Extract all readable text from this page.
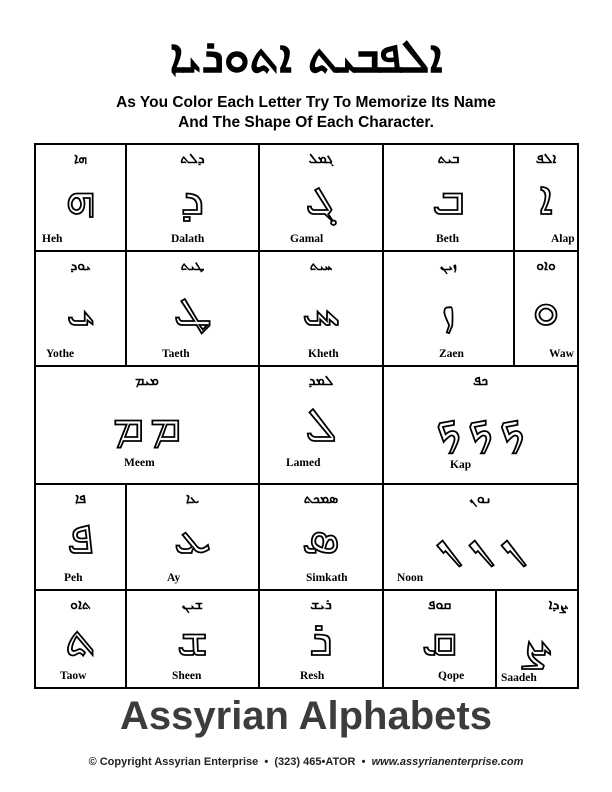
ܐܠܦܒܝܬ ܐܬܘܪܝܐ
As You Color Each Letter Try To Memorize Its Name
And The Shape Of Each Character.
ܗܐ
ܗ
Heh
ܕܠܬ
ܕ
Dalath
ܓܡܠ
ܓ
Gamal
ܒܝܬ
ܒ
Beth
ܐܠܦ
ܐ
Alap
ܝܘܕ
ܝ
Yothe
ܛܝܬ
ܛ
Taeth
ܚܝܬ
ܚ
Kheth
ܙܝܢ
ܙ
Zaen
ܘܐܘ
ܘ
Waw
ܡܝܡ
ܡ ܡ
Meem
ܠܡܕ
ܠ
Lamed
ܟܦ
ܟ ܟ ܟ
Kap
ܦܐ
ܦ
Peh
ܥܐ
ܥ
Ay
ܣܡܟܬ
ܣ
Simkath
ܢܘܢ
ܢ ܢ ܢ
Noon
ܬܐܘ
ܬ
Taow
ܫܝܢ
ܫ
Sheen
ܪܝܫ
ܪ
Resh
ܩܘܦ
ܩ
Qope
ܨܕܐ
ܨ
Saadeh
Assyrian Alphabets
© Copyright Assyrian Enterprise • (323) 465•ATOR • www.assyrianenterprise.com
